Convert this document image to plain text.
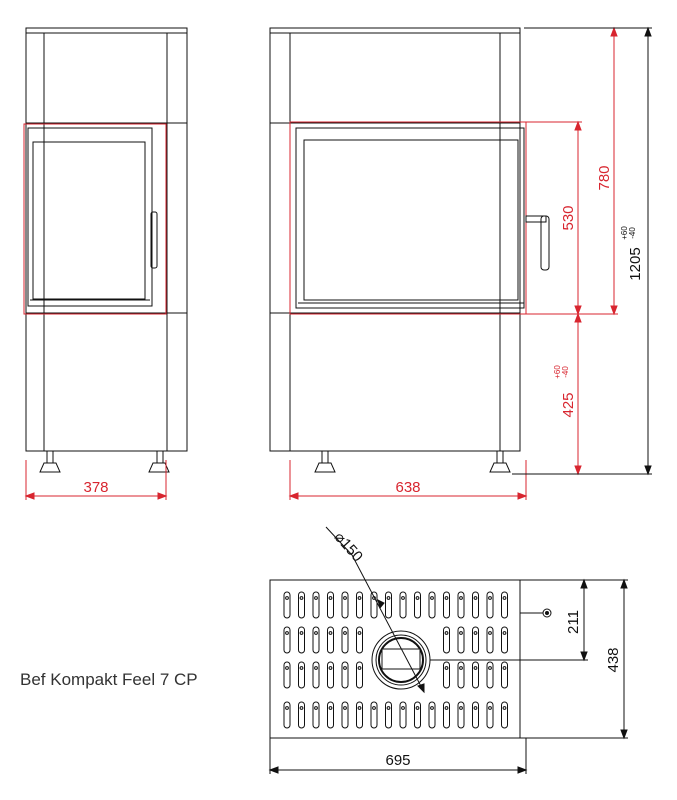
378	638
530
780
425
+60 -40
1205
+60 -40
⌀150
211
438
695
Bef Kompakt Feel 7 CP
